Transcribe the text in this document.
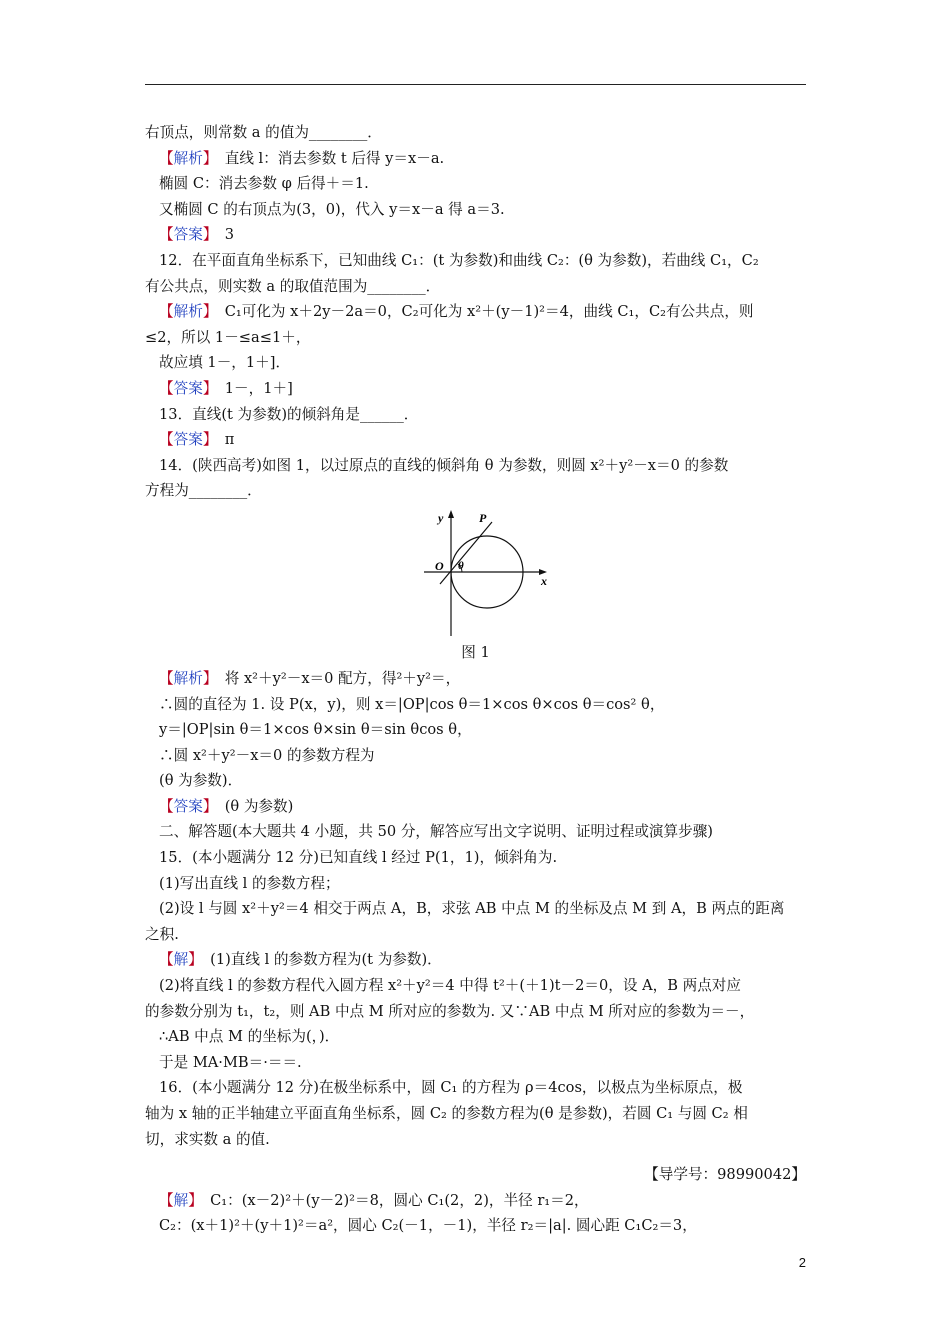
右顶点，则常数 a 的值为________．
【解析】　 直线 l：消去参数 t 后得 y＝x－a.
椭圆 C：消去参数 φ 后得＋＝1.
又椭圆 C 的右顶点为(3，0)，代入 y＝x－a 得 a＝3.
【答案】　 3
12．在平面直角坐标系下，已知曲线 C₁：(t 为参数)和曲线 C₂：(θ 为参数)，若曲线 C₁，C₂
有公共点，则实数 a 的取值范围为________．
【解析】　 C₁可化为 x＋2y－2a＝0，C₂可化为 x²＋(y－1)²＝4，曲线 C₁，C₂有公共点，则
≤2，所以 1－≤a≤1＋，
故应填 1－，1＋]．
【答案】　 1－，1＋]
13．直线(t 为参数)的倾斜角是______．
【答案】　 π
14．(陕西高考)如图 1，以过原点的直线的倾斜角 θ 为参数，则圆 x²＋y²－x＝0 的参数
方程为________．
y
x
P
O θ
图 1
【解析】　 将 x²＋y²－x＝0 配方，得²＋y²＝，
∴圆的直径为 1. 设 P(x，y)，则 x＝|OP|cos θ＝1×cos θ×cos θ＝cos² θ，
y＝|OP|sin θ＝1×cos θ×sin θ＝sin θcos θ，
∴圆 x²＋y²－x＝0 的参数方程为
(θ 为参数)．
【答案】　 (θ 为参数)
二、解答题(本大题共 4 小题，共 50 分，解答应写出文字说明、证明过程或演算步骤)
15．(本小题满分 12 分)已知直线 l 经过 P(1，1)，倾斜角为.
(1)写出直线 l 的参数方程；
(2)设 l 与圆 x²＋y²＝4 相交于两点 A，B，求弦 AB 中点 M 的坐标及点 M 到 A，B 两点的距离
之积.
【解】　 (1)直线 l 的参数方程为(t 为参数)．
(2)将直线 l 的参数方程代入圆方程 x²＋y²＝4 中得 t²＋(＋1)t－2＝0，设 A，B 两点对应
的参数分别为 t₁，t₂，则 AB 中点 M 所对应的参数为. 又∵AB 中点 M 所对应的参数为＝－，
∴AB 中点 M 的坐标为(，)．
于是 MA·MB＝·＝＝.
16．(本小题满分 12 分)在极坐标系中，圆 C₁ 的方程为 ρ＝4cos，以极点为坐标原点，极
轴为 x 轴的正半轴建立平面直角坐标系，圆 C₂ 的参数方程为(θ 是参数)，若圆 C₁ 与圆 C₂ 相
切，求实数 a 的值.
【导学号：98990042】
【解】　 C₁：(x－2)²＋(y－2)²＝8，圆心 C₁(2，2)，半径 r₁＝2，
C₂：(x＋1)²＋(y＋1)²＝a²，圆心 C₂(－1，－1)，半径 r₂＝|a|. 圆心距 C₁C₂＝3，
2
